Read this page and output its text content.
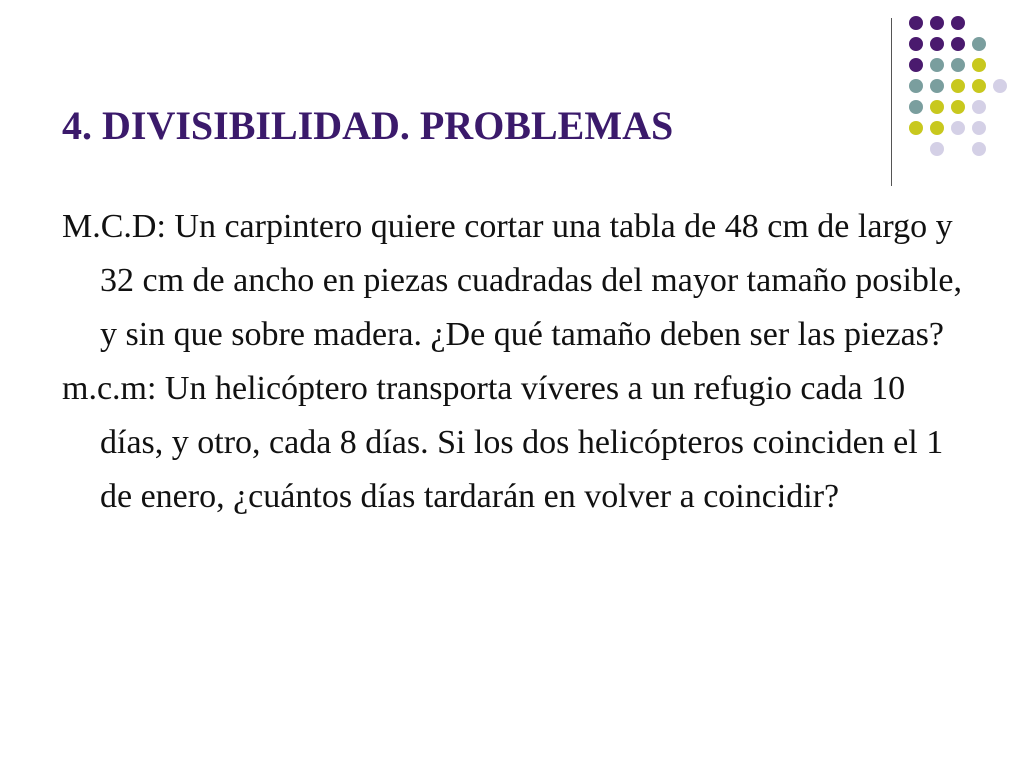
4. DIVISIBILIDAD. PROBLEMAS

M.C.D: Un carpintero quiere cortar una tabla de 48 cm de largo y 32 cm de ancho en piezas cuadradas del mayor tamaño posible, y sin que sobre madera. ¿De qué tamaño deben ser las piezas?

m.c.m: Un helicóptero transporta víveres a un refugio cada 10 días, y otro, cada 8 días. Si los dos helicópteros coinciden el 1 de enero, ¿cuántos días tardarán en volver a coincidir?
